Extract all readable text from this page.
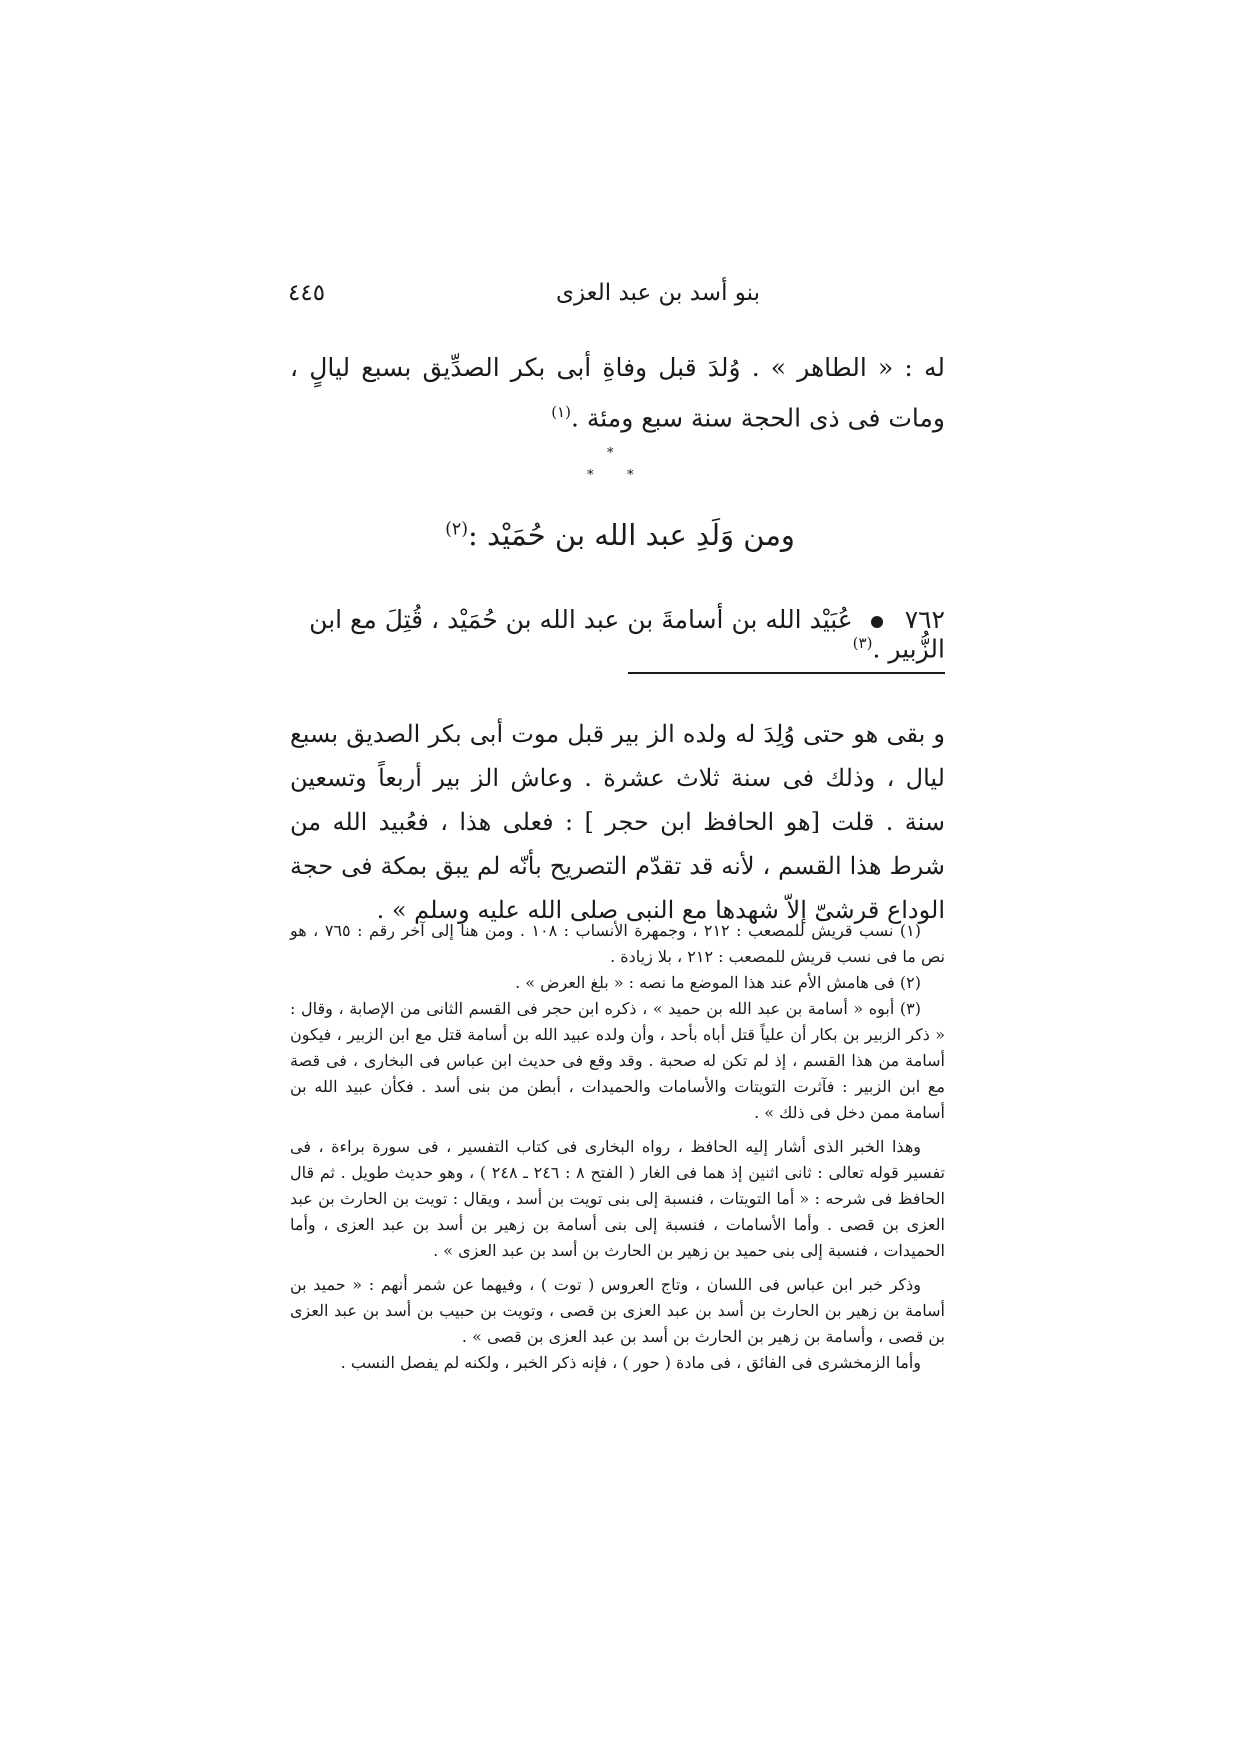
بنو أسد بن عبد العزى
٤٤٥
له : « الطاهر » . وُلدَ قبل وفاةِ أبى بكر الصدِّيق بسبع ليالٍ ، ومات فى ذى الحجة سنة سبع ومئة .$^{(١)}$
*
*	*
ومن وَلَدِ عبد الله بن حُمَيْد :$^{(٢)}$
٧٦٢عُبَيْد الله بن أسامةَ بن عبد الله بن حُمَيْد ، قُتِلَ مع ابن الزُّبير .$^{(٣)}$
و بقى هو حتى وُلِدَ له ولده الز بير قبل موت أبى بكر الصديق بسبع ليال ، وذلك فى سنة ثلاث عشرة . وعاش الز بير أربعاً وتسعين سنة . قلت [هو الحافظ ابن حجر ] : فعلى هذا ، فعُبيد الله من شرط هذا القسم ، لأنه قد تقدّم التصريح بأنّه لم يبق بمكة فى حجة الوداع قرشىّ إلاّ شهدها مع النبى صلى الله عليه وسلم » .

(١) نسب قريش للمصعب : ٢١٢ ، وجمهرة الأنساب : ١٠٨ . ومن هنا إلى آخر رقم : ٧٦٥ ، هو نص ما فى نسب قريش للمصعب : ٢١٢ ، بلا زيادة .

(٢) فى هامش الأم عند هذا الموضع ما نصه : « بلغ العرض » .

(٣) أبوه « أسامة بن عبد الله بن حميد » ، ذكره ابن حجر فى القسم الثانى من الإصابة ، وقال : « ذكر الزبير بن بكار أن علياً قتل أباه بأحد ، وأن ولده عبيد الله بن أسامة قتل مع ابن الزبير ، فيكون أسامة من هذا القسم ، إذ لم تكن له صحبة . وقد وقع فى حديث ابن عباس فى البخارى ، فى قصة مع ابن الزبير : فآثرت التويتات والأسامات والحميدات ، أبطن من بنى أسد . فكأن عبيد الله بن أسامة ممن دخل فى ذلك » .

وهذا الخبر الذى أشار إليه الحافظ ، رواه البخارى فى كتاب التفسير ، فى سورة براءة ، فى تفسير قوله تعالى : ثانى اثنين إذ هما فى الغار ( الفتح ٨ : ٢٤٦ ـ ٢٤٨ ) ، وهو حديث طويل . ثم قال الحافظ فى شرحه : « أما التويتات ، فنسبة إلى بنى تويت بن أسد ، ويقال : تويت بن الحارث بن عبد العزى بن قصى . وأما الأسامات ، فنسبة إلى بنى أسامة بن زهير بن أسد بن عبد العزى ، وأما الحميدات ، فنسبة إلى بنى حميد بن زهير بن الحارث بن أسد بن عبد العزى » .

وذكر خبر ابن عباس فى اللسان ، وتاج العروس ( توت ) ، وفيهما عن شمر أنهم : « حميد بن أسامة بن زهير بن الحارث بن أسد بن عبد العزى بن قصى ، وتويت بن حبيب بن أسد بن عبد العزى بن قصى ، وأسامة بن زهير بن الحارث بن أسد بن عبد العزى بن قصى » .

وأما الزمخشرى فى الفائق ، فى مادة ( حور ) ، فإنه ذكر الخبر ، ولكنه لم يفصل النسب .
